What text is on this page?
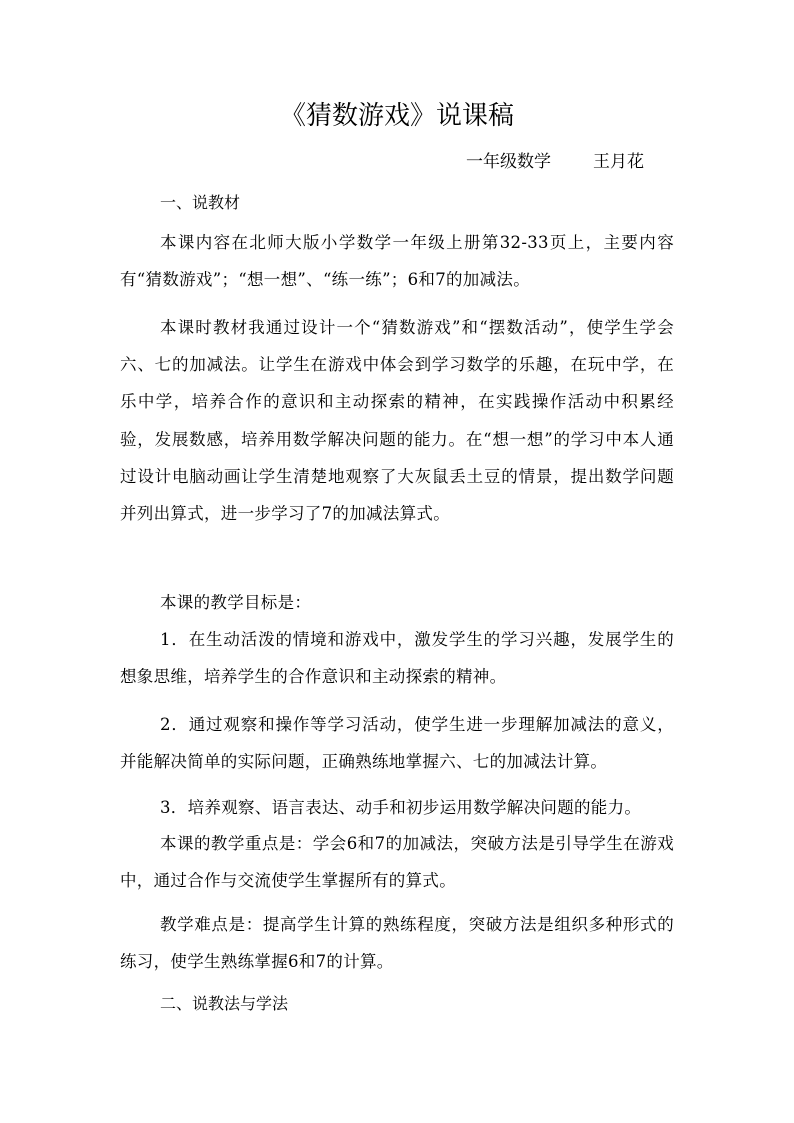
《猜数游戏》说课稿
一年级数学 王月花
一、说教材

本课内容在北师大版小学数学一年级上册第32-33页上，主要内容有“猜数游戏”；“想一想”、“练一练”；6和7的加减法。

本课时教材我通过设计一个“猜数游戏”和“摆数活动”，使学生学会六、七的加减法。让学生在游戏中体会到学习数学的乐趣，在玩中学，在乐中学，培养合作的意识和主动探索的精神，在实践操作活动中积累经验，发展数感，培养用数学解决问题的能力。在“想一想”的学习中本人通过设计电脑动画让学生清楚地观察了大灰鼠丢土豆的情景，提出数学问题并列出算式，进一步学习了7的加减法算式。

本课的教学目标是：

1．在生动活泼的情境和游戏中，激发学生的学习兴趣，发展学生的想象思维，培养学生的合作意识和主动探索的精神。

2．通过观察和操作等学习活动，使学生进一步理解加减法的意义，并能解决简单的实际问题，正确熟练地掌握六、七的加减法计算。

3．培养观察、语言表达、动手和初步运用数学解决问题的能力。

本课的教学重点是：学会6和7的加减法，突破方法是引导学生在游戏中，通过合作与交流使学生掌握所有的算式。

教学难点是：提高学生计算的熟练程度，突破方法是组织多种形式的练习，使学生熟练掌握6和7的计算。

二、说教法与学法
